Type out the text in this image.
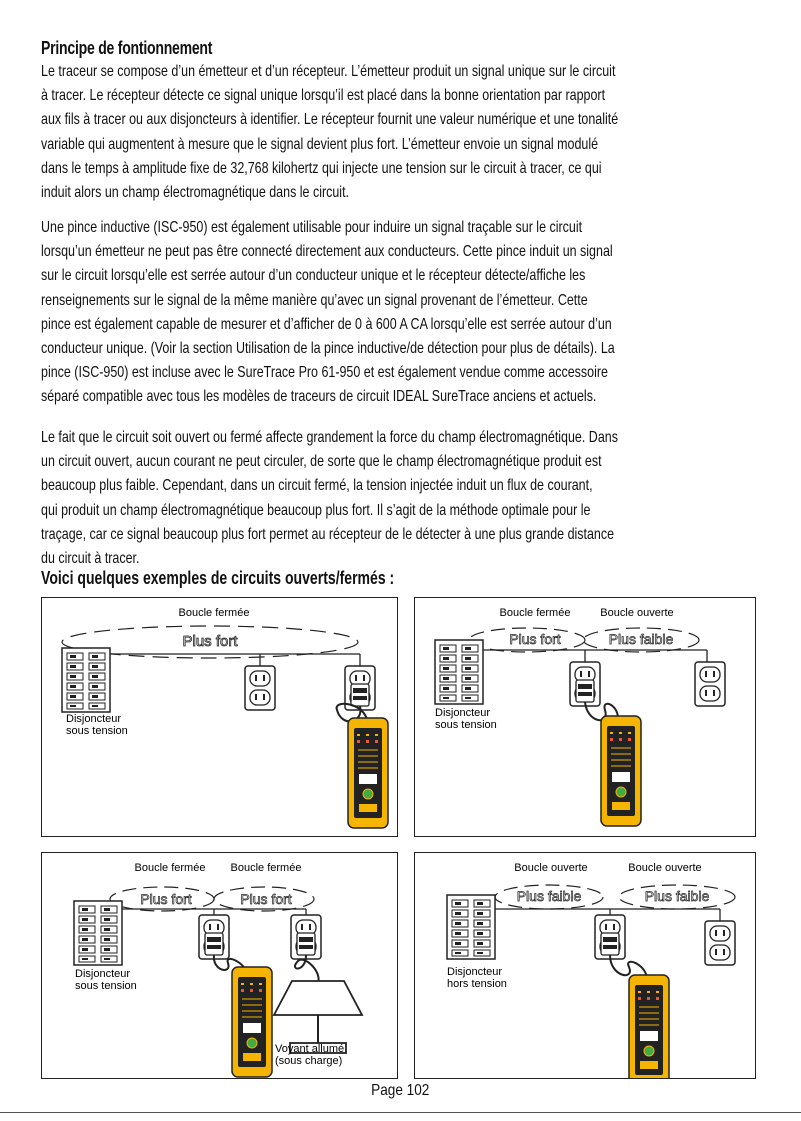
Principe de fontionnement
Le traceur se compose d’un émetteur et d’un récepteur. L’émetteur produit un signal unique sur le circuit
à tracer. Le récepteur détecte ce signal unique lorsqu’il est placé dans la bonne orientation par rapport
aux fils à tracer ou aux disjoncteurs à identifier. Le récepteur fournit une valeur numérique et une tonalité
variable qui augmentent à mesure que le signal devient plus fort. L’émetteur envoie un signal modulé
dans le temps à amplitude fixe de 32,768 kilohertz qui injecte une tension sur le circuit à tracer, ce qui
induit alors un champ électromagnétique dans le circuit.
Une pince inductive (ISC-950) est également utilisable pour induire un signal traçable sur le circuit
lorsqu’un émetteur ne peut pas être connecté directement aux conducteurs. Cette pince induit un signal
sur le circuit lorsqu’elle est serrée autour d’un conducteur unique et le récepteur détecte/affiche les
renseignements sur le signal de la même manière qu’avec un signal provenant de l’émetteur. Cette
pince est également capable de mesurer et d’afficher de 0 à 600 A CA lorsqu’elle est serrée autour d’un
conducteur unique. (Voir la section Utilisation de la pince inductive/de détection pour plus de détails). La
pince (ISC-950) est incluse avec le SureTrace Pro 61-950 et est également vendue comme accessoire
séparé compatible avec tous les modèles de traceurs de circuit IDEAL SureTrace anciens et actuels.
Le fait que le circuit soit ouvert ou fermé affecte grandement la force du champ électromagnétique. Dans
un circuit ouvert, aucun courant ne peut circuler, de sorte que le champ électromagnétique produit est
beaucoup plus faible. Cependant, dans un circuit fermé, la tension injectée induit un flux de courant,
qui produit un champ électromagnétique beaucoup plus fort. Il s’agit de la méthode optimale pour le
traçage, car ce signal beaucoup plus fort permet au récepteur de le détecter à une plus grande distance
du circuit à tracer.
Voici quelques exemples de circuits ouverts/fermés :
Boucle fermée
Plus fort
Disjoncteur
sous tension
Boucle fermée	Boucle ouverte
Plus fort	Plus faible
Disjoncteur
sous tension
Boucle fermée Boucle fermée
Plus fort	Plus fort
Disjoncteur
sous tension
Voyant allumé
(sous charge)
Boucle ouverte	Boucle ouverte
Plus faible	Plus faible
Disjoncteur
hors tension
Page 102
